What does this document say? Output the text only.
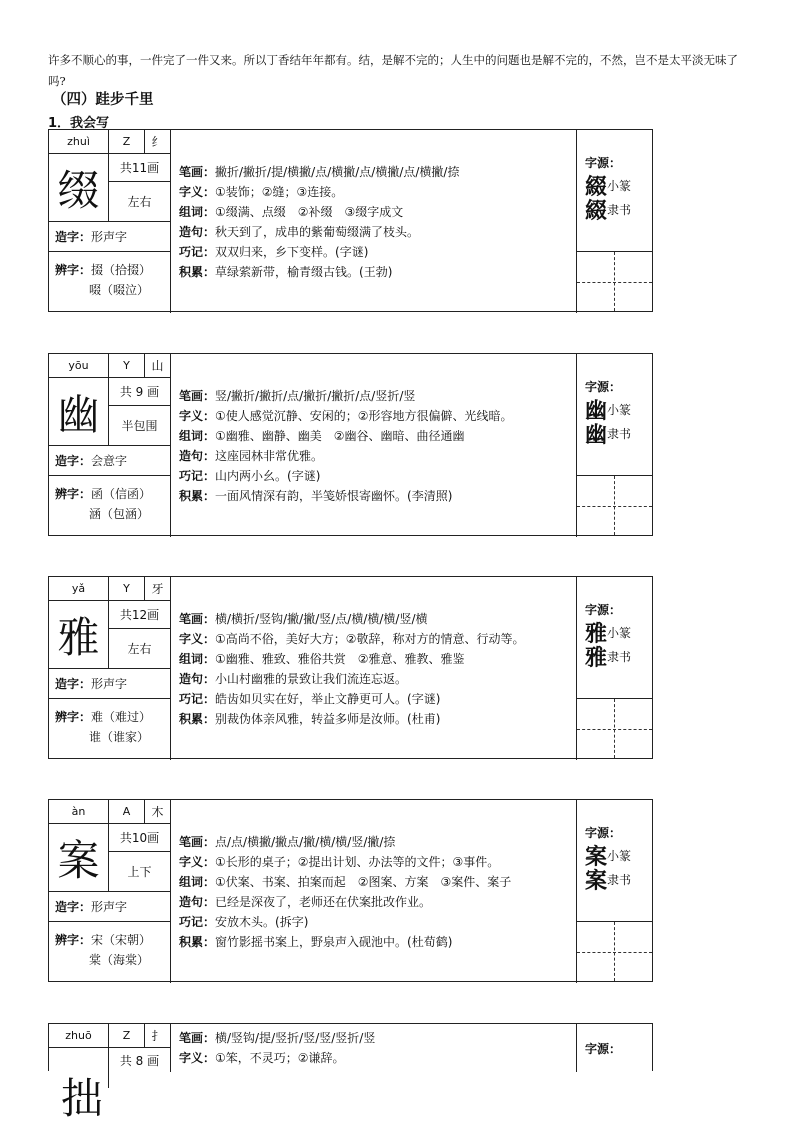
许多不顺心的事，一件完了一件又来。所以丁香结年年都有。结，是解不完的；人生中的问题也是解不完的，不然，岂不是太平淡无味了吗?
（四）跬步千里
1．我会写
zhuì	Z	纟
缀	共11画
左右
造字： 形声字
辨字：掇（拾掇）
啜（啜泣）
笔画：撇折/撇折/提/横撇/点/横撇/点/横撇/点/横撇/捺
字义：①装饰；②缝；③连接。
组词：①缀满、点缀　②补缀　③缀字成文
造句：秋天到了，成串的紫葡萄缀满了枝头。
巧记：双双归来，乡下变样。(字谜)
积累：草绿萦新带，榆青缀古钱。(王勃)
字源：
綴 小篆
綴 隶书
yōu	Y	山
幽	共 9 画
半包围
造字： 会意字
辨字：函（信函）
涵（包涵）
笔画：竖/撇折/撇折/点/撇折/撇折/点/竖折/竖
字义：①使人感觉沉静、安闲的；②形容地方很偏僻、光线暗。
组词：①幽雅、幽静、幽美　②幽谷、幽暗、曲径通幽
造句：这座园林非常优雅。
巧记：山内两小幺。(字谜)
积累：一面风情深有韵，半笺娇恨寄幽怀。(李清照)
字源：
幽 小篆
幽 隶书
yǎ	Y	牙
雅	共12画
左右
造字： 形声字
辨字：难（难过）
谁（谁家）
笔画：横/横折/竖钩/撇/撇/竖/点/横/横/横/竖/横
字义：①高尚不俗，美好大方；②敬辞，称对方的情意、行动等。
组词：①幽雅、雅致、雅俗共赏　②雅意、雅教、雅鉴
造句：小山村幽雅的景致让我们流连忘返。
巧记：皓齿如贝实在好，举止文静更可人。(字谜)
积累：别裁伪体亲风雅，转益多师是汝师。(杜甫)
字源：
雅 小篆
雅 隶书
àn	A	木
案	共10画
上下
造字： 形声字
辨字：宋（宋朝）
棠（海棠）
笔画：点/点/横撇/撇点/撇/横/横/竖/撇/捺
字义：①长形的桌子；②提出计划、办法等的文件；③事件。
组词：①伏案、书案、拍案而起　②图案、方案　③案件、案子
造句：已经是深夜了，老师还在伏案批改作业。
巧记：安放木头。(拆字)
积累：窗竹影摇书案上，野泉声入砚池中。(杜荀鹤)
字源：
案 小篆
案 隶书
zhuō	Z	扌
拙
共 8 画
笔画：横/竖钩/提/竖折/竖/竖/竖折/竖
字义：①笨，不灵巧；②谦辞。
字源：
